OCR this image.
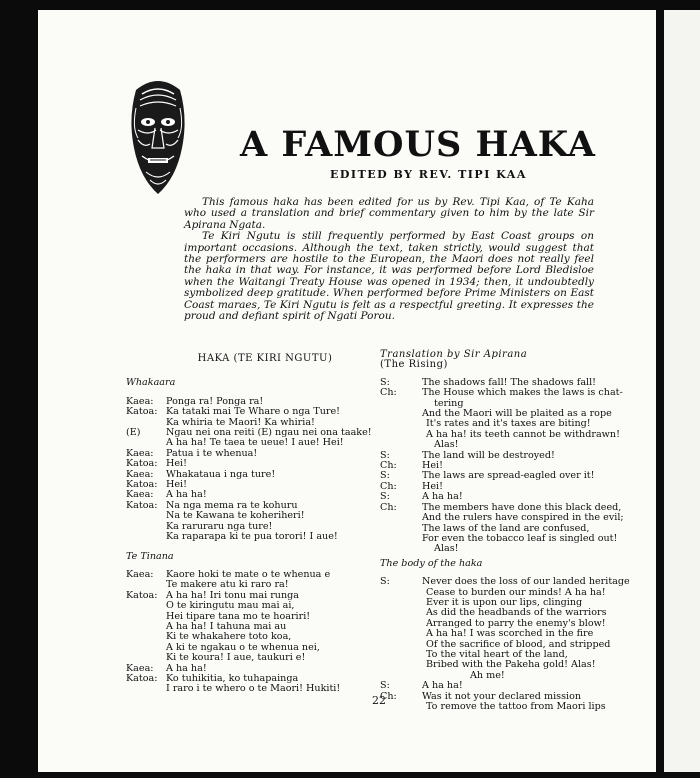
A FAMOUS HAKA
EDITED BY REV. TIPI KAA

This famous haka has been edited for us by Rev. Tipi Kaa, of Te Kaha who used a translation and brief commentary given to him by the late Sir Apirana Ngata.

Te Kiri Ngutu is still frequently performed by East Coast groups on important occasions. Although the text, taken strictly, would suggest that the performers are hostile to the European, the Maori does not really feel the haka in that way. For instance, it was performed before Lord Bledisloe when the Waitangi Treaty House was opened in 1934; then, it undoubtedly symbolized deep gratitude. When performed before Prime Ministers on East Coast maraes, Te Kiri Ngutu is felt as a respectful greeting. It expresses the proud and defiant spirit of Ngati Porou.

HAKA (TE KIRI NGUTU)
Whakaara
Kaea:	Ponga ra! Ponga ra!
Katoa: Ka tataki mai Te Whare o nga Ture!
Ka whiria te Maori! Ka whiria!
(E)	Ngau nei ona reiti (E) ngau nei ona taake!
A ha ha! Te taea te ueue! I aue! Hei!
Kaea:	Patua i te whenua!
Katoa: Hei!
Kaea:	Whakataua i nga ture!
Katoa: Hei!
Kaea:	A ha ha!
Katoa: Na nga mema ra te kohuru
Na te Kawana te koheriheri!
Ka raruraru nga ture!
Ka raparapa ki te pua torori! I aue!
Te Tinana
Kaea:	Kaore hoki te mate o te whenua e
Te makere atu ki raro ra!
Katoa: A ha ha! Iri tonu mai runga
O te kiringutu mau mai ai,
Hei tipare tana mo te hoariri!
A ha ha! I tahuna mai au
Ki te whakahere toto koa,
A ki te ngakau o te whenua nei,
Ki te koura! I aue, taukuri e!
Kaea:	A ha ha!
Katoa: Ko tuhikitia, ko tuhapainga
I raro i te whero o te Maori! Hukiti!
Translation by Sir Apirana
(The Rising)
S:	The shadows fall! The shadows fall!
Ch:	The House which makes the laws is chat-
tering
And the Maori will be plaited as a rope
It's rates and it's taxes are biting!
A ha ha! its teeth cannot be withdrawn!
Alas!
S:	The land will be destroyed!
Ch:	Hei!
S:	The laws are spread-eagled over it!
Ch:	Hei!
S:	A ha ha!
Ch:	The members have done this black deed,
And the rulers have conspired in the evil;
The laws of the land are confused,
For even the tobacco leaf is singled out!
Alas!
The body of the haka
S:	Never does the loss of our landed heritage
Cease to burden our minds! A ha ha!
Ever it is upon our lips, clinging
As did the headbands of the warriors
Arranged to parry the enemy's blow!
A ha ha! I was scorched in the fire
Of the sacrifice of blood, and stripped
To the vital heart of the land,
Bribed with the Pakeha gold! Alas!
Ah me!
S:	A ha ha!
Ch:	Was it not your declared mission
To remove the tattoo from Maori lips
22
